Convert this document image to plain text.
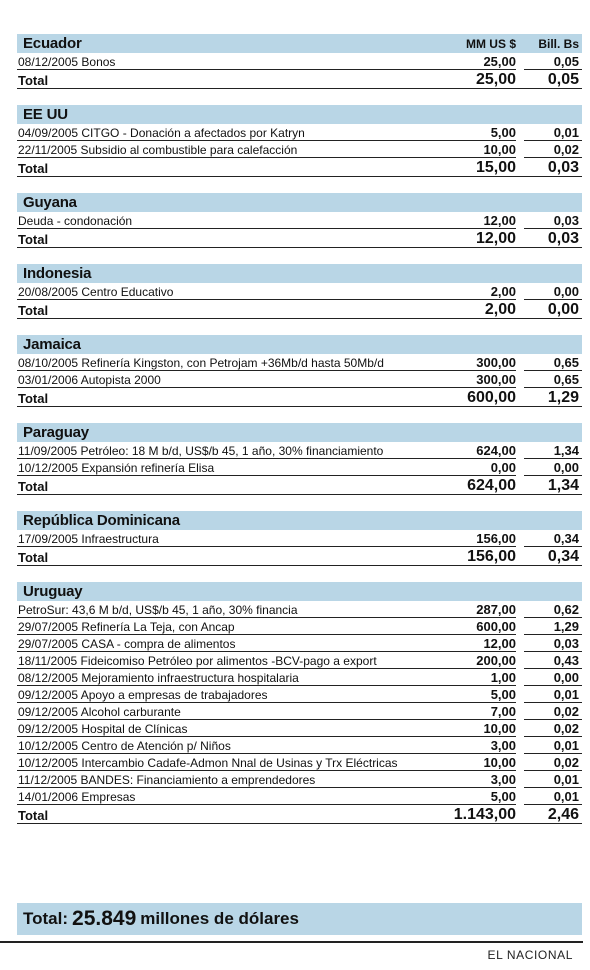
Ecuador	MM US $	Bill. Bs
08/12/2005 Bonos	25,00	0,05
Total	25,00	0,05
EE UU
04/09/2005 CITGO - Donación a afectados por Katryn	5,00	0,01
22/11/2005 Subsidio al combustible para calefacción	10,00	0,02
Total	15,00	0,03
Guyana
Deuda - condonación	12,00	0,03
Total	12,00	0,03
Indonesia
20/08/2005 Centro Educativo	2,00	0,00
Total	2,00	0,00
Jamaica
08/10/2005 Refinería Kingston, con Petrojam +36Mb/d hasta 50Mb/d	300,00	0,65
03/01/2006 Autopista 2000	300,00	0,65
Total	600,00	1,29
Paraguay
11/09/2005 Petróleo: 18 M b/d, US$/b 45, 1 año, 30% financiamiento	624,00	1,34
10/12/2005 Expansión refinería Elisa	0,00	0,00
Total	624,00	1,34
República Dominicana
17/09/2005 Infraestructura	156,00	0,34
Total	156,00	0,34
Uruguay
PetroSur: 43,6 M b/d, US$/b 45, 1 año, 30% financia	287,00	0,62
29/07/2005 Refinería La Teja, con Ancap	600,00	1,29
29/07/2005 CASA - compra de alimentos	12,00	0,03
18/11/2005 Fideicomiso Petróleo por alimentos -BCV-pago a export	200,00	0,43
08/12/2005 Mejoramiento infraestructura hospitalaria	1,00	0,00
09/12/2005 Apoyo a empresas de trabajadores	5,00	0,01
09/12/2005 Alcohol carburante	7,00	0,02
09/12/2005 Hospital de Clínicas	10,00	0,02
10/12/2005 Centro de Atención p/ Niños	3,00	0,01
10/12/2005 Intercambio Cadafe-Admon Nnal de Usinas y Trx Eléctricas	10,00	0,02
11/12/2005 BANDES: Financiamiento a emprendedores	3,00	0,01
14/01/2006 Empresas	5,00	0,01
Total	1.143,00	2,46
Total: 25.849 millones de dólares
EL NACIONAL
